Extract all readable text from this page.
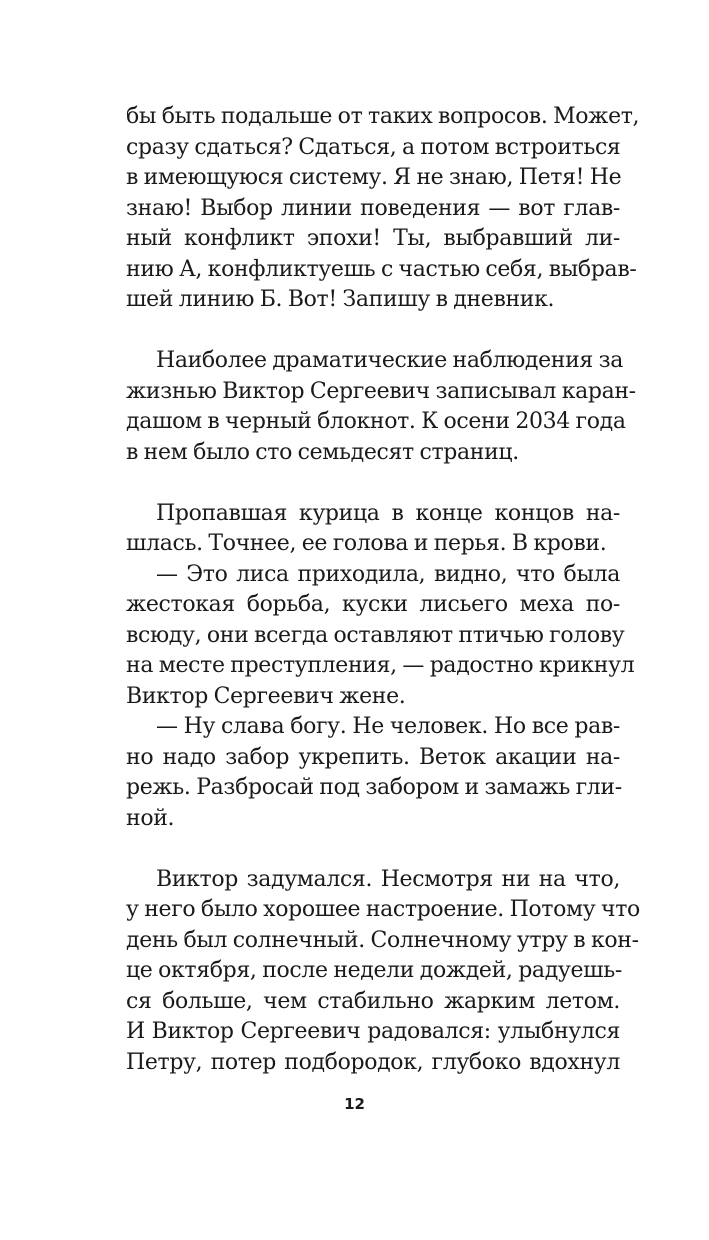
бы быть подальше от таких вопросов. Может,
сразу сдаться? Сдаться, а потом встроиться
в имеющуюся систему. Я не знаю, Петя! Не
знаю! Выбор линии поведения — вот глав-
ный конфликт эпохи! Ты, выбравший ли-
нию А, конфликтуешь с частью себя, выбрав-
шей линию Б. Вот! Запишу в дневник.
Наиболее драматические наблюдения за
жизнью Виктор Сергеевич записывал каран-
дашом в черный блокнот. К осени 2034 года
в нем было сто семьдесят страниц.
Пропавшая курица в конце концов на-
шлась. Точнее, ее голова и перья. В крови.
— Это лиса приходила, видно, что была
жестокая борьба, куски лисьего меха по-
всюду, они всегда оставляют птичью голову
на месте преступления, — радостно крикнул
Виктор Сергеевич жене.
— Ну слава богу. Не человек. Но все рав-
но надо забор укрепить. Веток акации на-
режь. Разбросай под забором и замажь гли-
ной.
Виктор задумался. Несмотря ни на что,
у него было хорошее настроение. Потому что
день был солнечный. Солнечному утру в кон-
це октября, после недели дождей, радуешь-
ся больше, чем стабильно жарким летом.
И Виктор Сергеевич радовался: улыбнулся
Петру, потер подбородок, глубоко вдохнул
12
